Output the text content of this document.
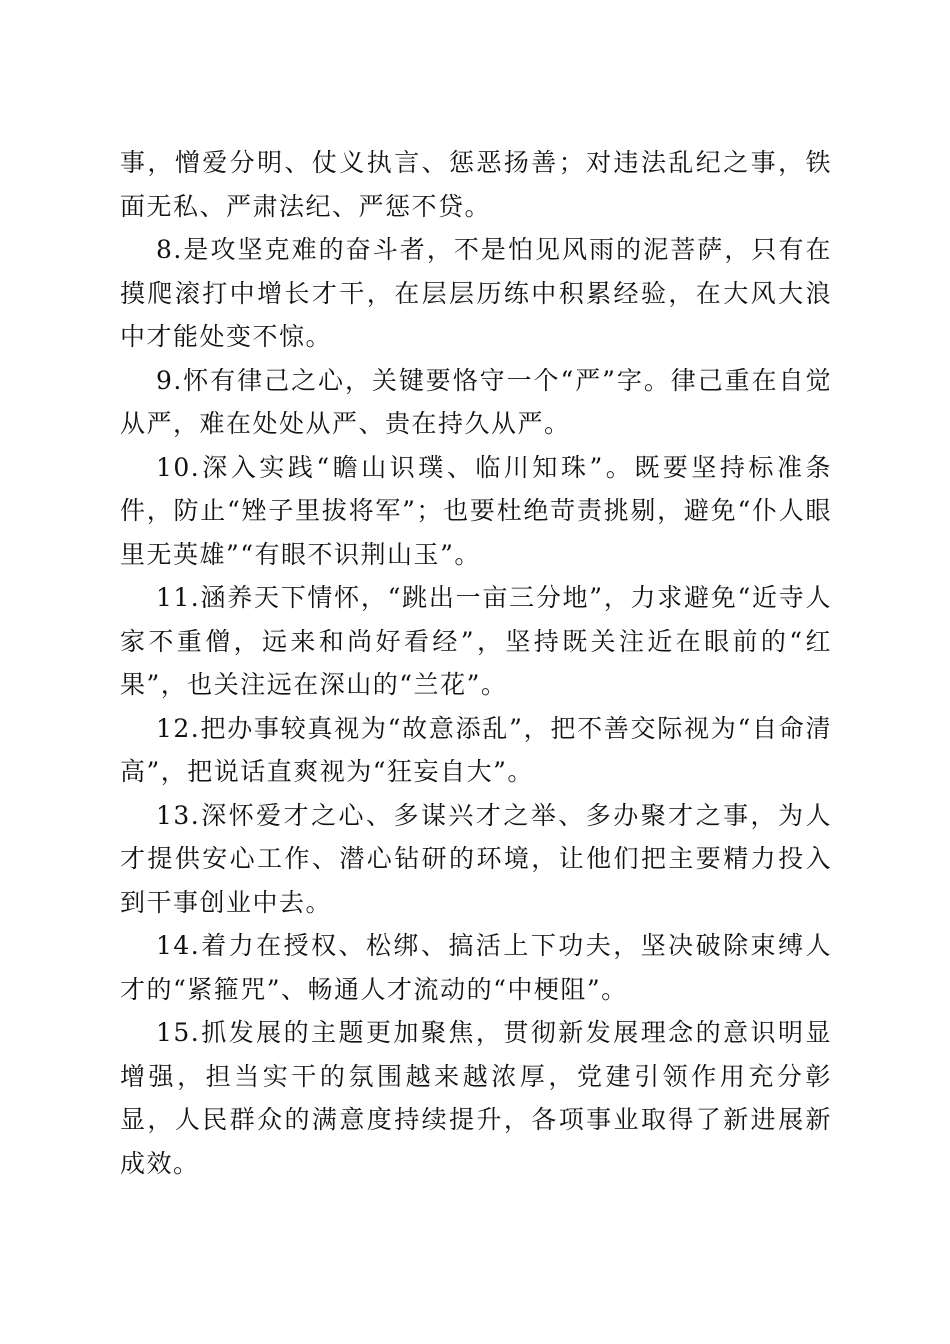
事，憎爱分明、仗义执言、惩恶扬善；对违法乱纪之事，铁面无私、严肃法纪、严惩不贷。

8.是攻坚克难的奋斗者，不是怕见风雨的泥菩萨，只有在摸爬滚打中增长才干，在层层历练中积累经验，在大风大浪中才能处变不惊。

9.怀有律己之心，关键要恪守一个“严”字。律己重在自觉从严，难在处处从严、贵在持久从严。

10.深入实践“瞻山识璞、临川知珠”。既要坚持标准条件，防止“矬子里拔将军”；也要杜绝苛责挑剔，避免“仆人眼里无英雄”“有眼不识荆山玉”。

11.涵养天下情怀，“跳出一亩三分地”，力求避免“近寺人家不重僧，远来和尚好看经”，坚持既关注近在眼前的“红果”，也关注远在深山的“兰花”。

12.把办事较真视为“故意添乱”，把不善交际视为“自命清高”，把说话直爽视为“狂妄自大”。

13.深怀爱才之心、多谋兴才之举、多办聚才之事，为人才提供安心工作、潜心钻研的环境，让他们把主要精力投入到干事创业中去。

14.着力在授权、松绑、搞活上下功夫，坚决破除束缚人才的“紧箍咒”、畅通人才流动的“中梗阻”。

15.抓发展的主题更加聚焦，贯彻新发展理念的意识明显增强，担当实干的氛围越来越浓厚，党建引领作用充分彰显，人民群众的满意度持续提升，各项事业取得了新进展新成效。
